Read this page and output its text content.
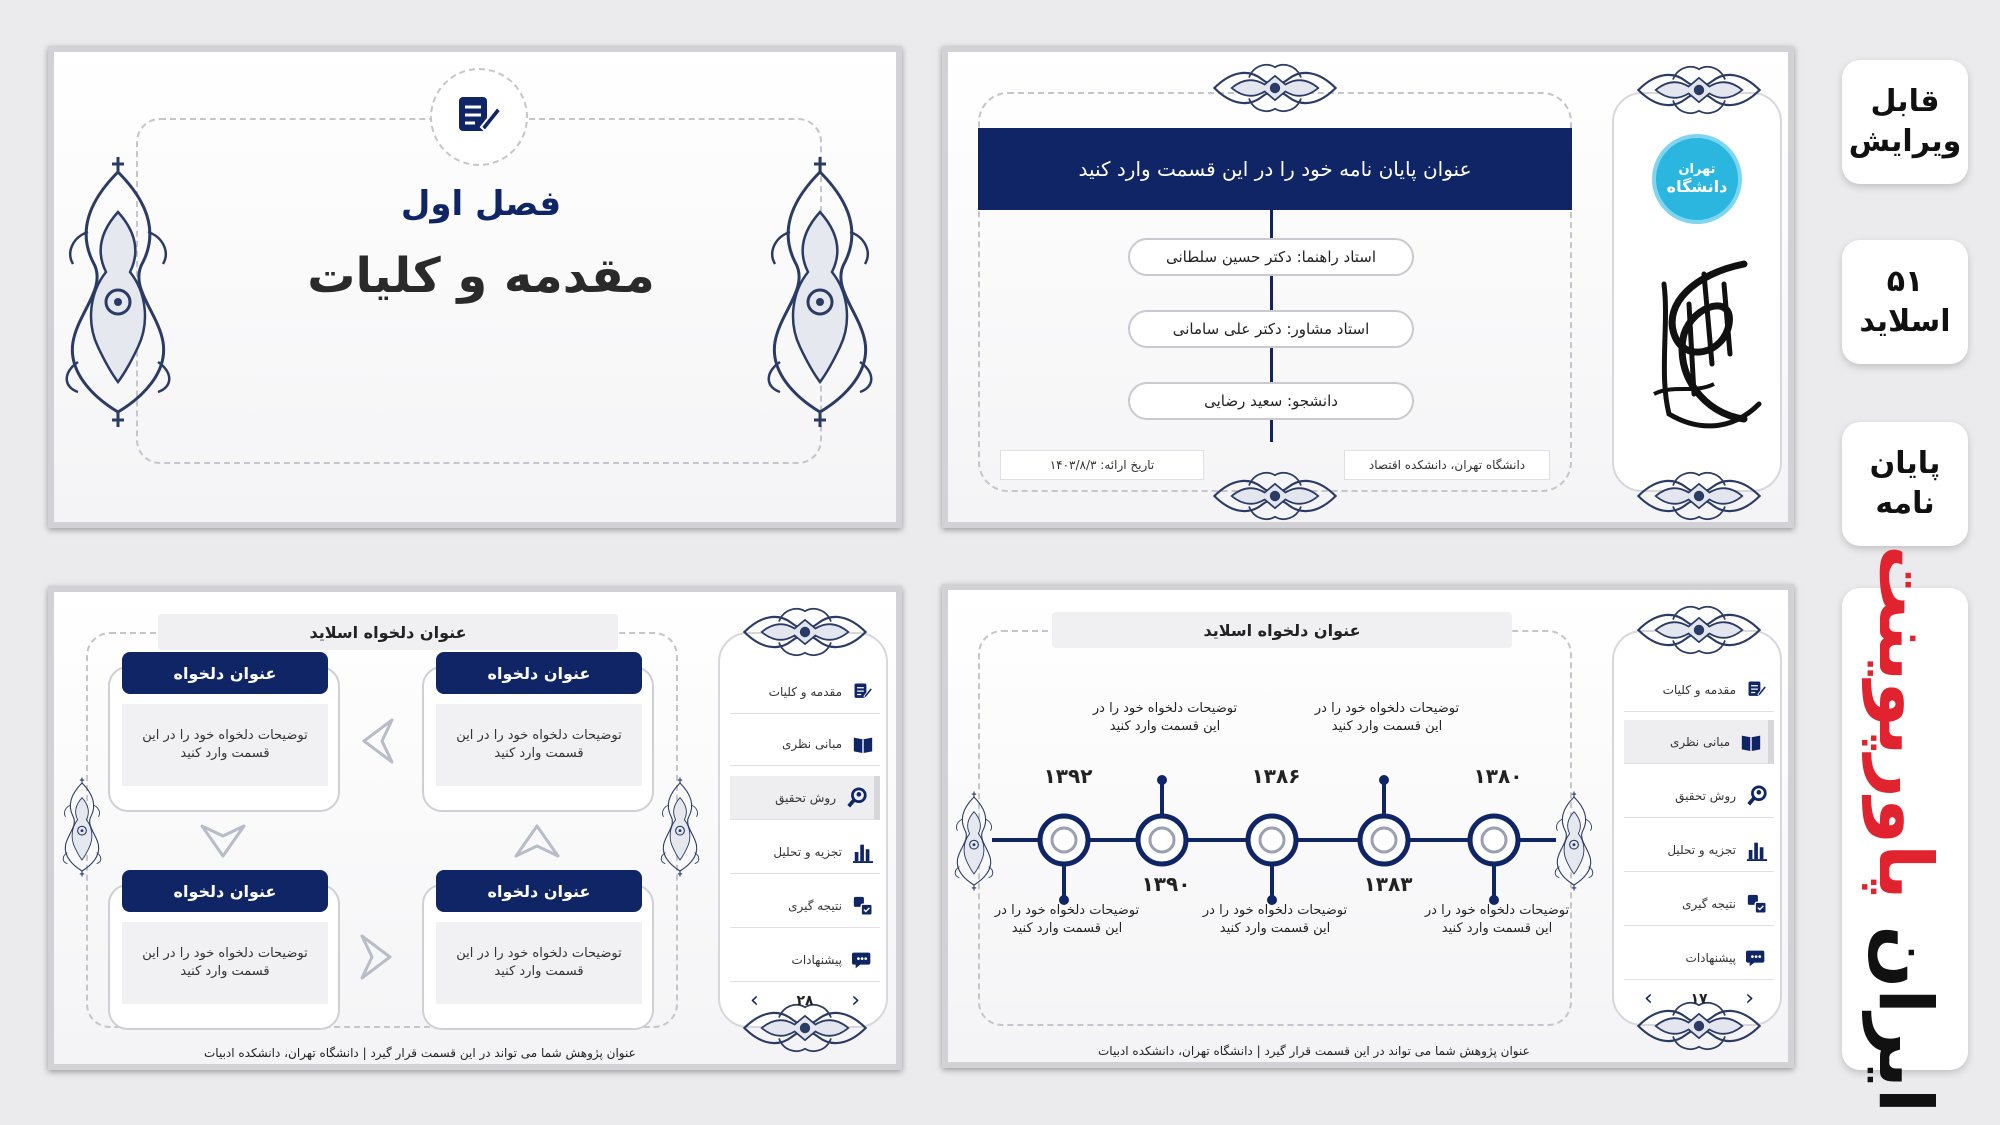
فصل اول
مقدمه و کلیات
عنوان پایان نامه خود را در این قسمت وارد کنید
استاد راهنما: دکتر حسین سلطانی
استاد مشاور: دکتر علی سامانی
دانشجو: سعید رضایی
تاریخ ارائه: ۱۴۰۳/۸/۳	دانشگاه تهران، دانشکده اقتصاد
تهران
دانشگاه
عنوان دلخواه اسلاید
عنوان دلخواه
توضیحات دلخواه خود را در این قسمت وارد کنید
عنوان دلخواه
توضیحات دلخواه خود را در این قسمت وارد کنید
عنوان دلخواه
توضیحات دلخواه خود را در این قسمت وارد کنید
عنوان دلخواه
توضیحات دلخواه خود را در این قسمت وارد کنید
عنوان پژوهش شما می تواند در این قسمت قرار گیرد | دانشگاه تهران، دانشکده ادبیات
مقدمه و کلیات
مبانی نظری
روش تحقیق
تجزیه و تحلیل
نتیجه گیری
پیشنهادات
‹	۲۸ ›
عنوان دلخواه اسلاید
۱۳۸۰
۱۳۸۳
۱۳۸۶
۱۳۹۰
۱۳۹۲
توضیحات دلخواه خود را در این قسمت وارد کنید
توضیحات دلخواه خود را در این قسمت وارد کنید
توضیحات دلخواه خود را در این قسمت وارد کنید
توضیحات دلخواه خود را در این قسمت وارد کنید
توضیحات دلخواه خود را در این قسمت وارد کنید
عنوان پژوهش شما می تواند در این قسمت قرار گیرد | دانشگاه تهران، دانشکده ادبیات
مقدمه و کلیات
مبانی نظری
روش تحقیق
تجزیه و تحلیل
نتیجه گیری
پیشنهادات
‹	۱۷ ›
قابل
ویرایش
۵۱
اسلاید
پایان
نامه
ایران پاورپوینت
